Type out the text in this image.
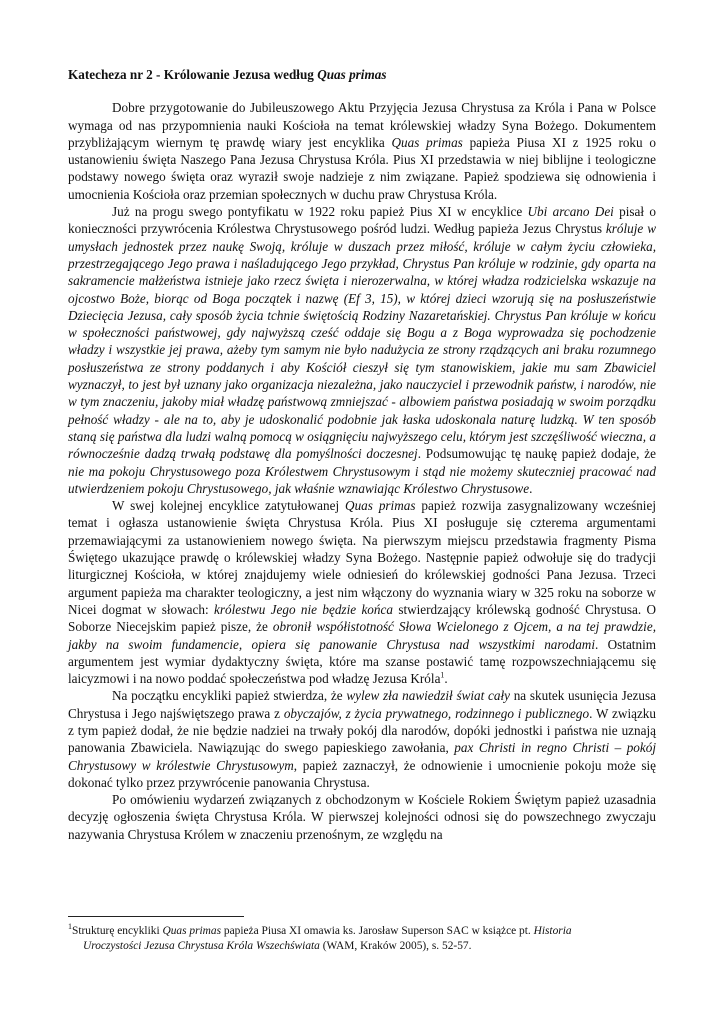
Katecheza nr 2 - Królowanie Jezusa według Quas primas

Dobre przygotowanie do Jubileuszowego Aktu Przyjęcia Jezusa Chrystusa za Króla i Pana w Polsce wymaga od nas przypomnienia nauki Kościoła na temat królewskiej władzy Syna Bożego. Dokumentem przybliżającym wiernym tę prawdę wiary jest encyklika Quas primas papieża Piusa XI z 1925 roku o ustanowieniu święta Naszego Pana Jezusa Chrystusa Króla. Pius XI przedstawia w niej biblijne i teologiczne podstawy nowego święta oraz wyraził swoje nadzieje z nim związane. Papież spodziewa się odnowienia i umocnienia Kościoła oraz przemian społecznych w duchu praw Chrystusa Króla.

Już na progu swego pontyfikatu w 1922 roku papież Pius XI w encyklice Ubi arcano Dei pisał o konieczności przywrócenia Królestwa Chrystusowego pośród ludzi. Według papieża Jezus Chrystus króluje w umysłach jednostek przez naukę Swoją, króluje w duszach przez miłość, króluje w całym życiu człowieka, przestrzegającego Jego prawa i naśladującego Jego przykład, Chrystus Pan króluje w rodzinie, gdy oparta na sakramencie małżeństwa istnieje jako rzecz święta i nierozerwalna, w której władza rodzicielska wskazuje na ojcostwo Boże, biorąc od Boga początek i nazwę (Ef 3, 15), w której dzieci wzorują się na posłuszeństwie Dziecięcia Jezusa, cały sposób życia tchnie świętością Rodziny Nazaretańskiej. Chrystus Pan króluje w końcu w społeczności państwowej, gdy najwyższą cześć oddaje się Bogu a z Boga wyprowadza się pochodzenie władzy i wszystkie jej prawa, ażeby tym samym nie było nadużycia ze strony rządzących ani braku rozumnego posłuszeństwa ze strony poddanych i aby Kościół cieszył się tym stanowiskiem, jakie mu sam Zbawiciel wyznaczył, to jest był uznany jako organizacja niezależna, jako nauczyciel i przewodnik państw, i narodów, nie w tym znaczeniu, jakoby miał władzę państwową zmniejszać - albowiem państwa posiadają w swoim porządku pełność władzy - ale na to, aby je udoskonalić podobnie jak łaska udoskonala naturę ludzką. W ten sposób staną się państwa dla ludzi walną pomocą w osiągnięciu najwyższego celu, którym jest szczęśliwość wieczna, a równocześnie dadzą trwałą podstawę dla pomyślności doczesnej. Podsumowując tę naukę papież dodaje, że nie ma pokoju Chrystusowego poza Królestwem Chrystusowym i stąd nie możemy skuteczniej pracować nad utwierdzeniem pokoju Chrystusowego, jak właśnie wznawiając Królestwo Chrystusowe.

W swej kolejnej encyklice zatytułowanej Quas primas papież rozwija zasygnalizowany wcześniej temat i ogłasza ustanowienie święta Chrystusa Króla. Pius XI posługuje się czterema argumentami przemawiającymi za ustanowieniem nowego święta. Na pierwszym miejscu przedstawia fragmenty Pisma Świętego ukazujące prawdę o królewskiej władzy Syna Bożego. Następnie papież odwołuje się do tradycji liturgicznej Kościoła, w której znajdujemy wiele odniesień do królewskiej godności Pana Jezusa. Trzeci argument papieża ma charakter teologiczny, a jest nim włączony do wyznania wiary w 325 roku na soborze w Nicei dogmat w słowach: królestwu Jego nie będzie końca stwierdzający królewską godność Chrystusa. O Soborze Niecejskim papież pisze, że obronił współistotność Słowa Wcielonego z Ojcem, a na tej prawdzie, jakby na swoim fundamencie, opiera się panowanie Chrystusa nad wszystkimi narodami. Ostatnim argumentem jest wymiar dydaktyczny święta, które ma szanse postawić tamę rozpowszechniającemu się laicyzmowi i na nowo poddać społeczeństwa pod władzę Jezusa Króla$^1$.

Na początku encykliki papież stwierdza, że wylew zła nawiedził świat cały na skutek usunięcia Jezusa Chrystusa i Jego najświętszego prawa z obyczajów, z życia prywatnego, rodzinnego i publicznego. W związku z tym papież dodał, że nie będzie nadziei na trwały pokój dla narodów, dopóki jednostki i państwa nie uznają panowania Zbawiciela. Nawiązując do swego papieskiego zawołania, pax Christi in regno Christi – pokój Chrystusowy w królestwie Chrystusowym, papież zaznaczył, że odnowienie i umocnienie pokoju może się dokonać tylko przez przywrócenie panowania Chrystusa.

Po omówieniu wydarzeń związanych z obchodzonym w Kościele Rokiem Świętym papież uzasadnia decyzję ogłoszenia święta Chrystusa Króla. W pierwszej kolejności odnosi się do powszechnego zwyczaju nazywania Chrystusa Królem w znaczeniu przenośnym, ze względu na

$^1$Strukturę encykliki Quas primas papieża Piusa XI omawia ks. Jarosław Superson SAC w książce pt. Historia
Uroczystości Jezusa Chrystusa Króla Wszechświata (WAM, Kraków 2005), s. 52-57.
